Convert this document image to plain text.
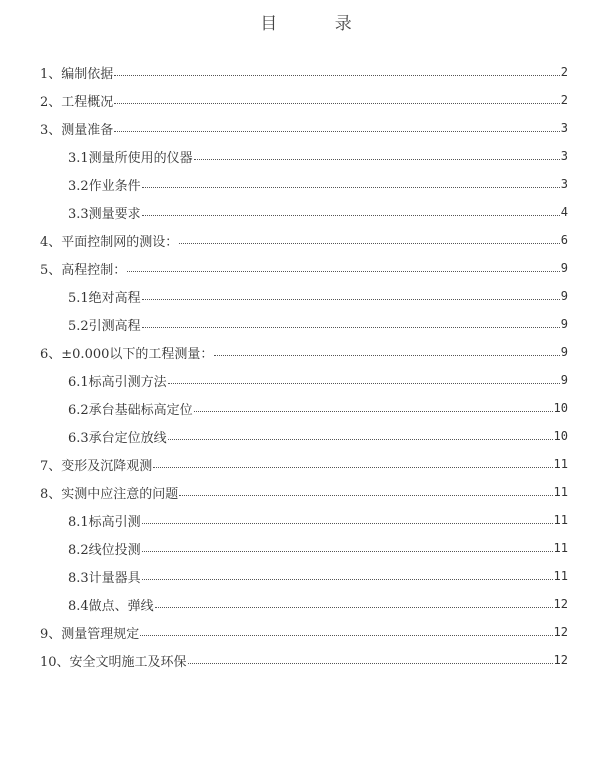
目 录
1、编制依据	2
2、工程概况	2
3、测量准备	3
3.1测量所使用的仪器	3
3.2作业条件	3
3.3测量要求	4
4、平面控制网的测设：	6
5、高程控制：	9
5.1绝对高程	9
5.2引测高程	9
6、±0.000以下的工程测量：	9
6.1标高引测方法	9
6.2承台基础标高定位	10
6.3承台定位放线	10
7、变形及沉降观测	11
8、实测中应注意的问题	11
8.1标高引测	11
8.2线位投测	11
8.3计量器具	11
8.4做点、弹线	12
9、测量管理规定	12
10、安全文明施工及环保	12
